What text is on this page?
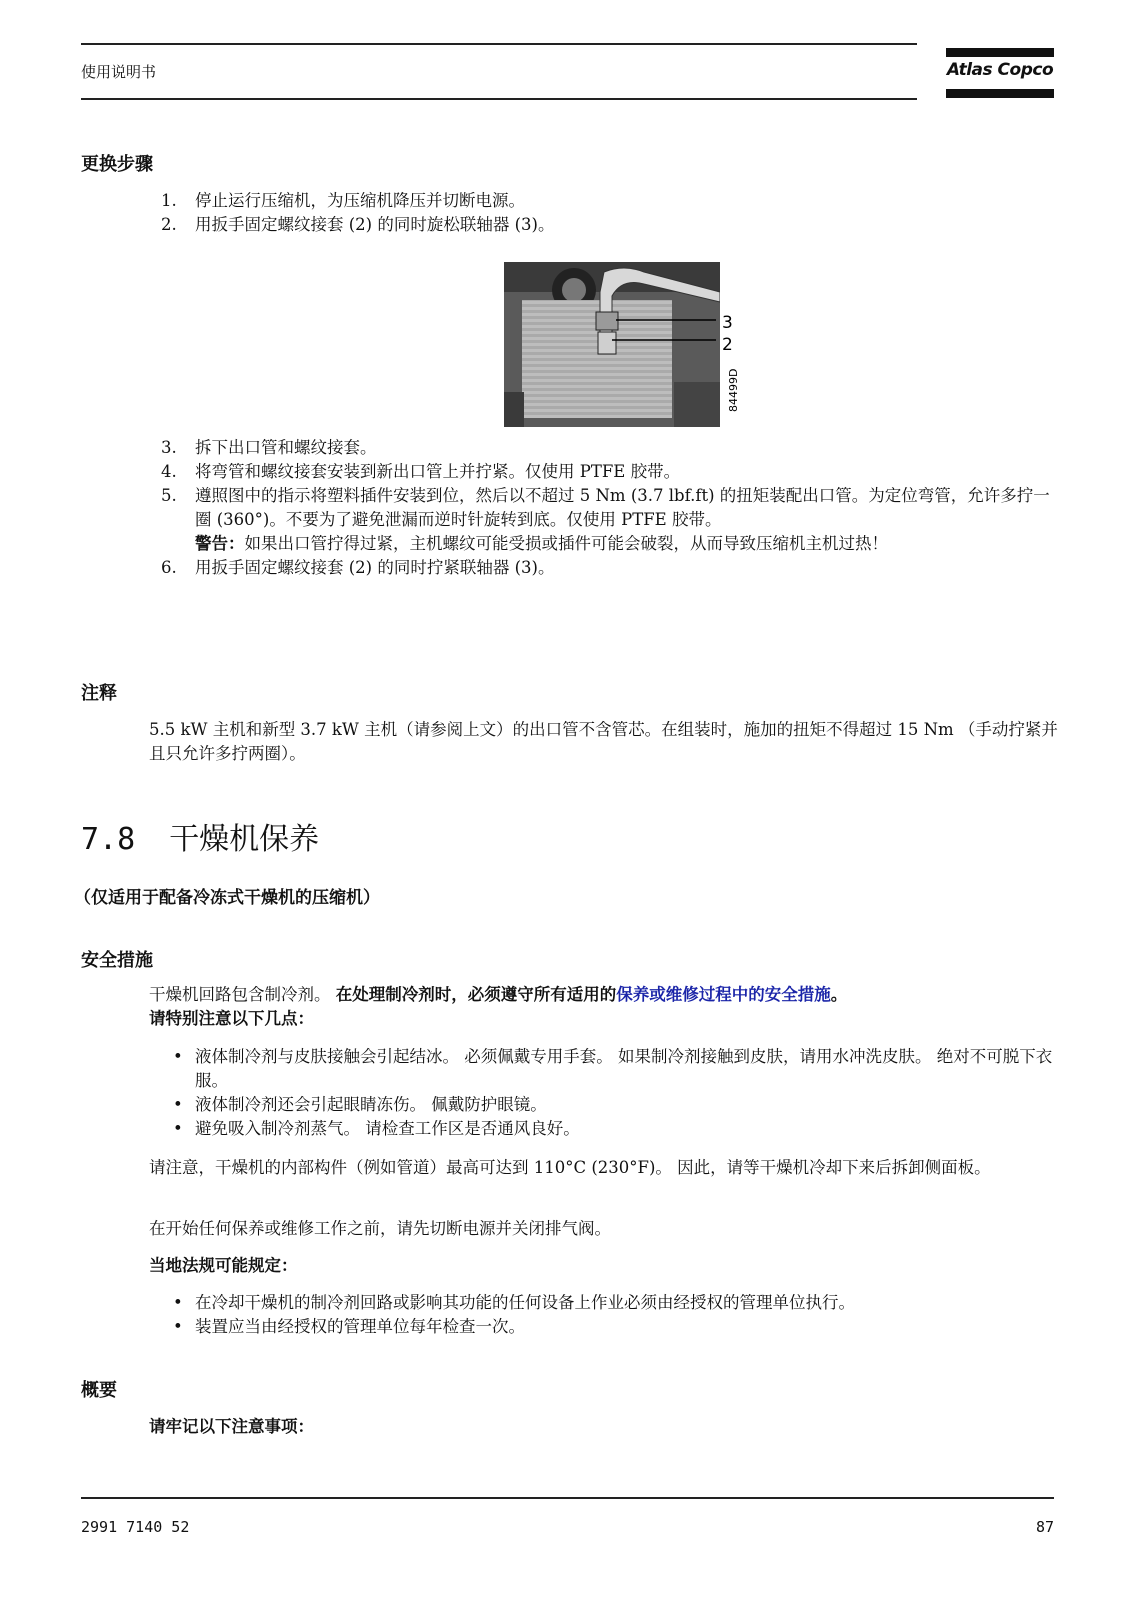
使用说明书	Atlas Copco
更换步骤
1.	停止运行压缩机，为压缩机降压并切断电源。
2.	用扳手固定螺纹接套 (2) 的同时旋松联轴器 (3)。
3
2
84499D
3.	拆下出口管和螺纹接套。
4.	将弯管和螺纹接套安装到新出口管上并拧紧。仅使用 PTFE 胶带。
5.	遵照图中的指示将塑料插件安装到位，然后以不超过 5 Nm (3.7 lbf.ft) 的扭矩装配出口管。为定位弯管，允许多拧一圈 (360°)。不要为了避免泄漏而逆时针旋转到底。仅使用 PTFE 胶带。
警告：如果出口管拧得过紧，主机螺纹可能受损或插件可能会破裂，从而导致压缩机主机过热！
6.	用扳手固定螺纹接套 (2) 的同时拧紧联轴器 (3)。
注释
5.5 kW 主机和新型 3.7 kW 主机（请参阅上文）的出口管不含管芯。在组装时，施加的扭矩不得超过 15 Nm （手动拧紧并且只允许多拧两圈）。
7.8 干燥机保养
（仅适用于配备冷冻式干燥机的压缩机）
安全措施
干燥机回路包含制冷剂。 在处理制冷剂时，必须遵守所有适用的保养或维修过程中的安全措施。
请特别注意以下几点：
• 液体制冷剂与皮肤接触会引起结冰。 必须佩戴专用手套。 如果制冷剂接触到皮肤，请用水冲洗皮肤。 绝对不可脱下衣服。
• 液体制冷剂还会引起眼睛冻伤。 佩戴防护眼镜。
• 避免吸入制冷剂蒸气。 请检查工作区是否通风良好。
请注意，干燥机的内部构件（例如管道）最高可达到 110°C (230°F)。 因此，请等干燥机冷却下来后拆卸侧面板。
在开始任何保养或维修工作之前，请先切断电源并关闭排气阀。
当地法规可能规定：
• 在冷却干燥机的制冷剂回路或影响其功能的任何设备上作业必须由经授权的管理单位执行。
• 装置应当由经授权的管理单位每年检查一次。
概要
请牢记以下注意事项：
2991 7140 52	87
